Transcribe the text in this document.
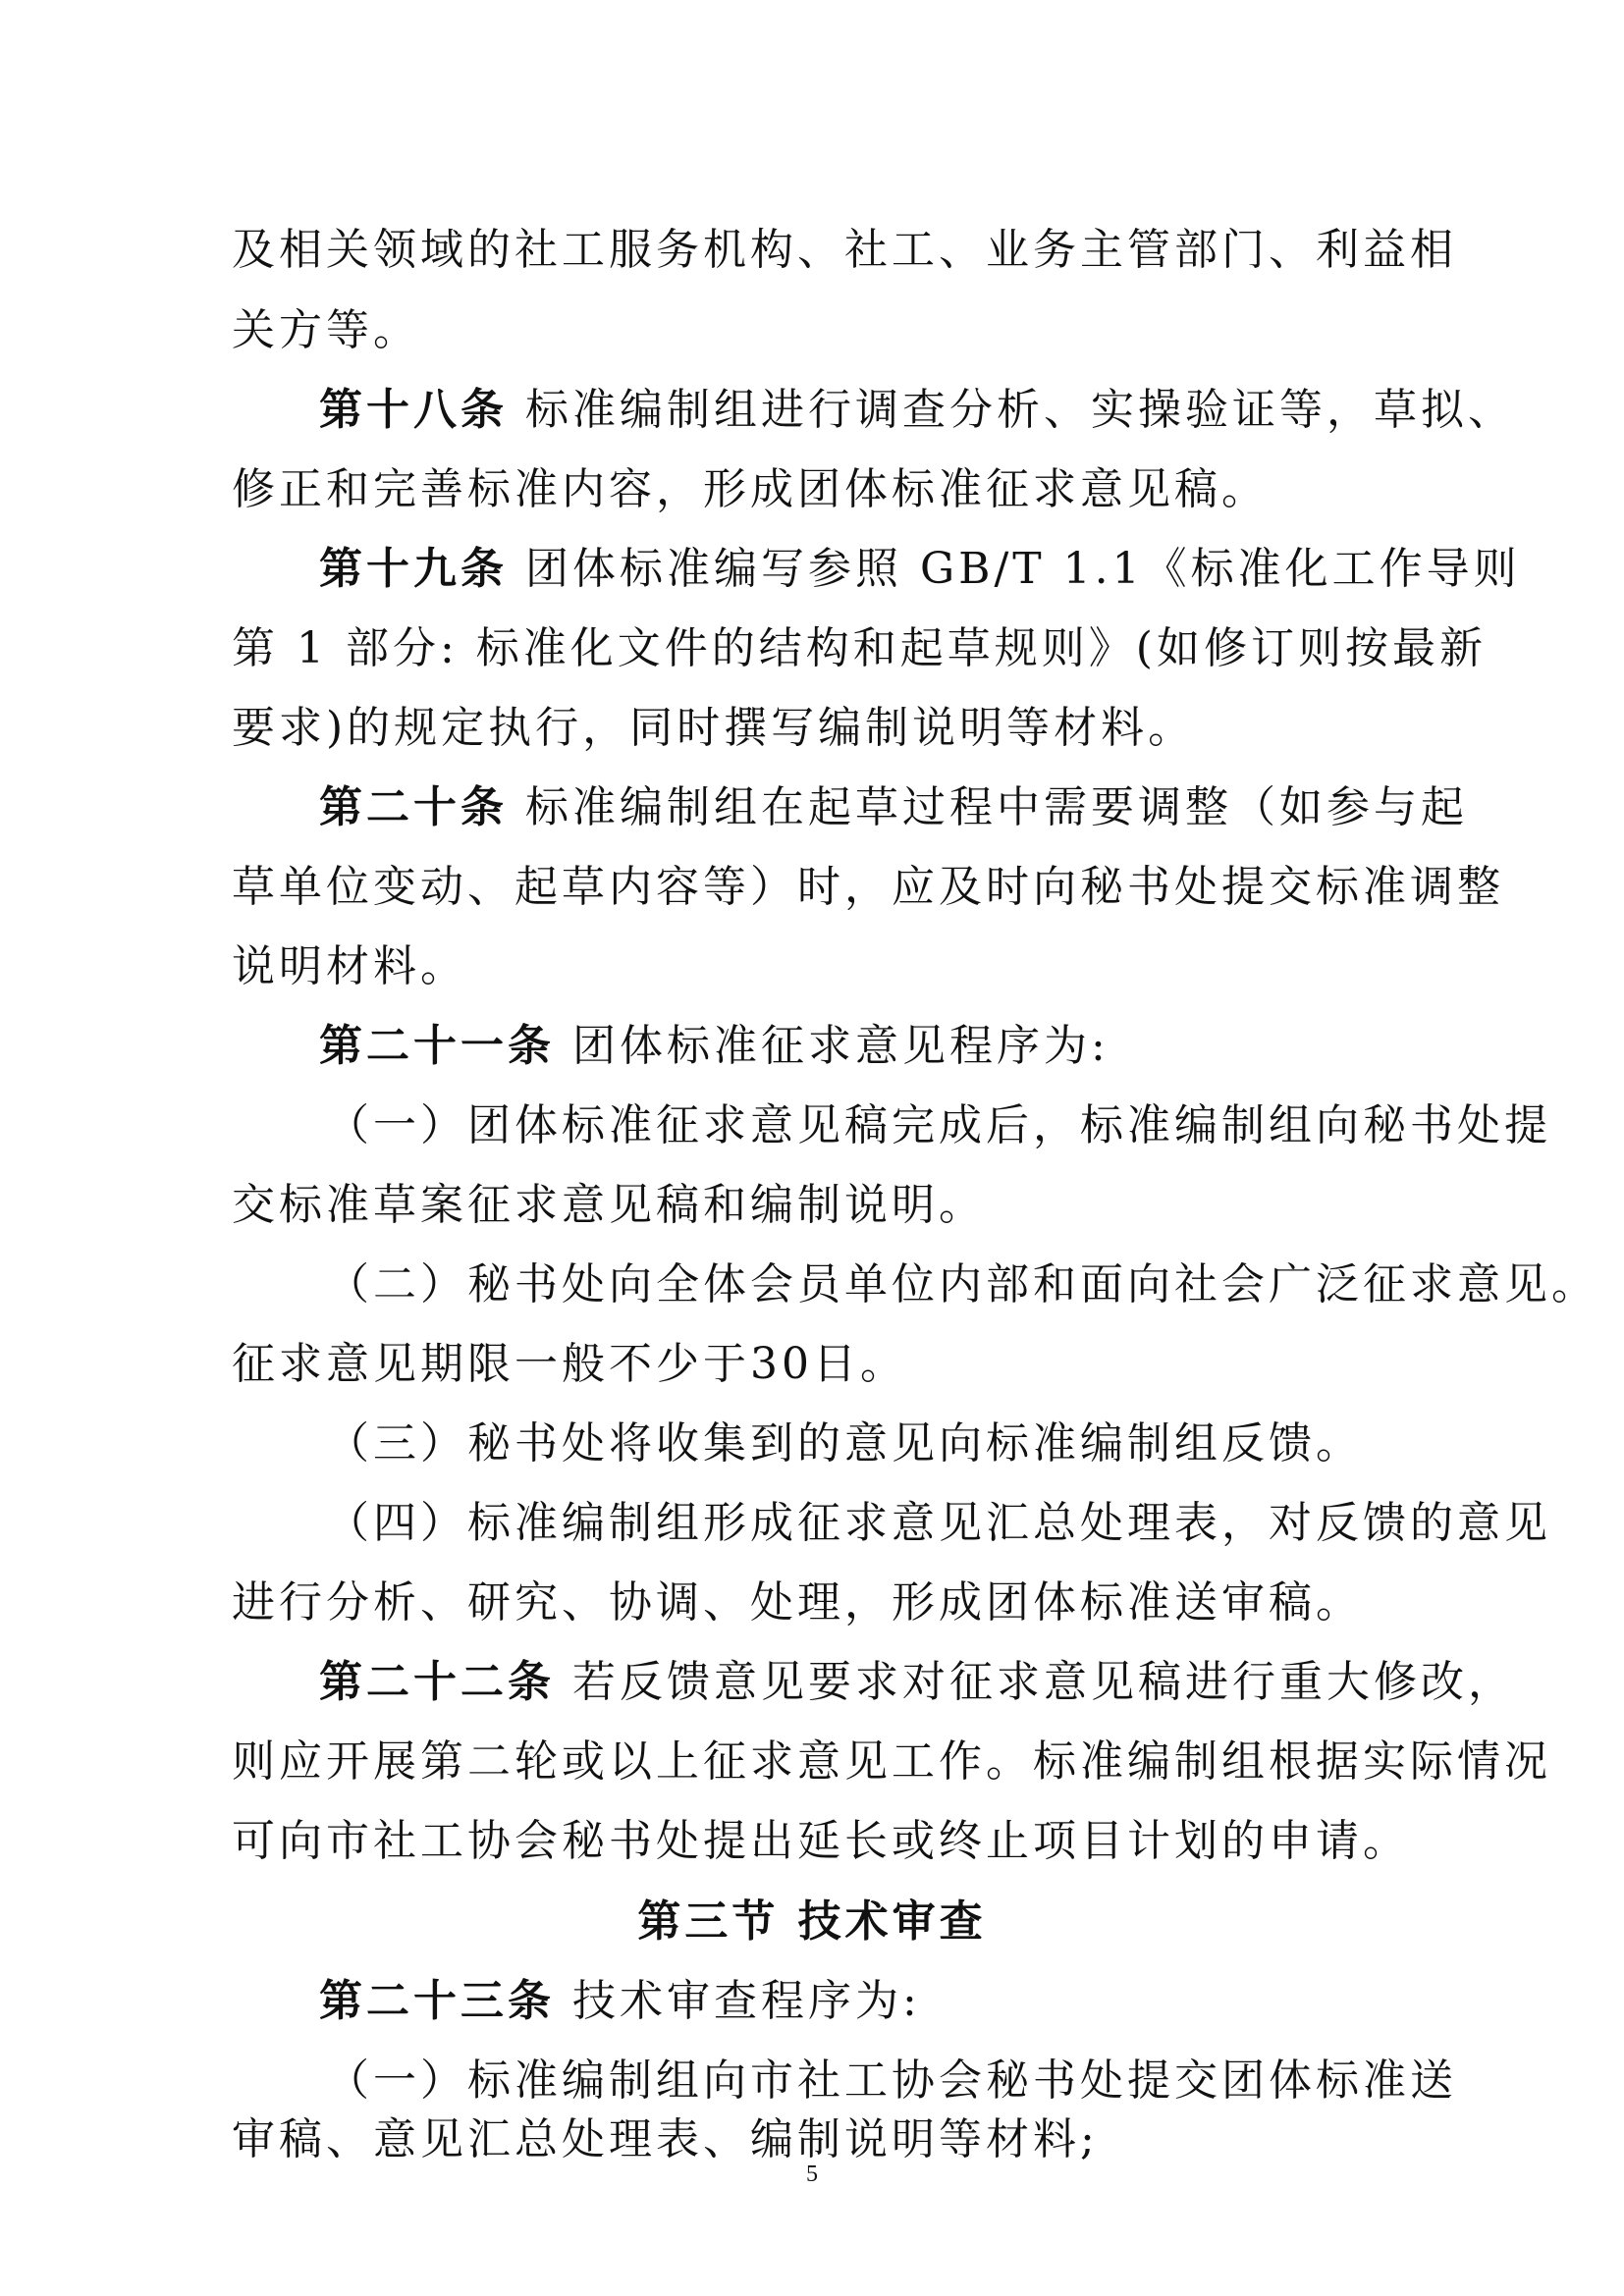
及相关领域的社工服务机构、社工、业务主管部门、利益相
关方等。
第十八条 标准编制组进行调查分析、实操验证等，草拟、
修正和完善标准内容，形成团体标准征求意见稿。
第十九条 团体标准编写参照 GB/T 1.1《标准化工作导则
第 1 部分: 标准化文件的结构和起草规则》(如修订则按最新
要求)的规定执行，同时撰写编制说明等材料。
第二十条 标准编制组在起草过程中需要调整（如参与起
草单位变动、起草内容等）时，应及时向秘书处提交标准调整
说明材料。
第二十一条 团体标准征求意见程序为:
（一）团体标准征求意见稿完成后，标准编制组向秘书处提
交标准草案征求意见稿和编制说明。
（二）秘书处向全体会员单位内部和面向社会广泛征求意见。
征求意见期限一般不少于30日。
（三）秘书处将收集到的意见向标准编制组反馈。
（四）标准编制组形成征求意见汇总处理表，对反馈的意见
进行分析、研究、协调、处理，形成团体标准送审稿。
第二十二条 若反馈意见要求对征求意见稿进行重大修改，
则应开展第二轮或以上征求意见工作。标准编制组根据实际情况
可向市社工协会秘书处提出延长或终止项目计划的申请。
第三节 技术审查
第二十三条 技术审查程序为:
（一）标准编制组向市社工协会秘书处提交团体标准送
审稿、意见汇总处理表、编制说明等材料;
5
